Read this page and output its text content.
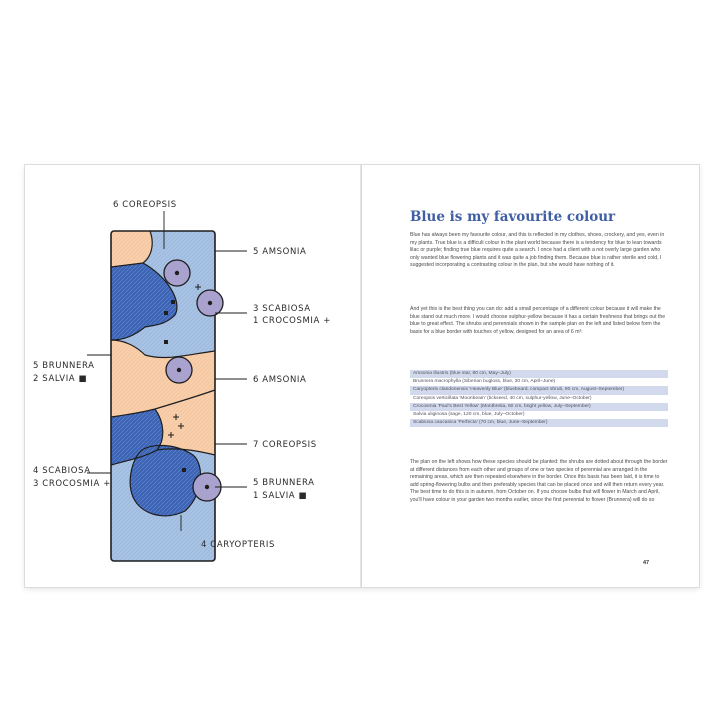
6 COREOPSIS
5 AMSONIA
3 SCABIOSA
1 CROCOSMIA +
5 BRUNNERA
2 SALVIA ■	6 AMSONIA
7 COREOPSIS
4 SCABIOSA
3 CROCOSMIA +	5 BRUNNERA
1 SALVIA ■
4 CARYOPTERIS
Blue is my favourite colour

Blue has always been my favourite colour, and this is reflected in my clothes, shoes, crockery, and yes, even in my plants. True blue is a difficult colour in the plant world because there is a tendency for blue to lean towards lilac or purple; finding true blue requires quite a search. I once had a client with a not overly large garden who only wanted blue flowering plants and it was quite a job finding them. Because blue is rather sterile and cold, I suggested incorporating a contrasting colour in the plan, but she would have nothing of it.

And yet this is the best thing you can do: add a small percentage of a different colour because it will make the blue stand out much more. I would choose sulphur-yellow because it has a certain freshness that brings out the blue to great effect. The shrubs and perennials shown in the sample plan on the left and listed below form the basis for a blue border with touches of yellow, designed for an area of 6 m²:

Amsonia illustris (blue star, 80 cm, May–July)
Brunnera macrophylla (Siberian bugloss, blue, 30 cm, April–June)
Caryopteris clandonensis 'Heavenly Blue' (bluebeard, compact shrub, 90 cm, August–September)
Coreopsis verticillata 'Moonbeam' (tickseed, 40 cm, sulphur-yellow, June–October)
Crocosmia 'Paul's Best Yellow' (Montbretia, 60 cm, bright yellow, July–September)
Salvia uliginosa (sage, 120 cm, blue, July–October)
Scabiosa caucasica 'Perfecta' (70 cm, blue, June–September)

The plan on the left shows how these species should be planted: the shrubs are dotted about through the border at different distances from each other and groups of one or two species of perennial are arranged in the remaining areas, which are then repeated elsewhere in the border. Once this basis has been laid, it is time to add spring-flowering bulbs and then preferably species that can be placed once and will then return every year. The best time to do this is in autumn, from October on. If you choose bulbs that will flower in March and April, you'll have colour in your garden two months earlier, since the first perennial to flower (Brunnera) will do so

47
